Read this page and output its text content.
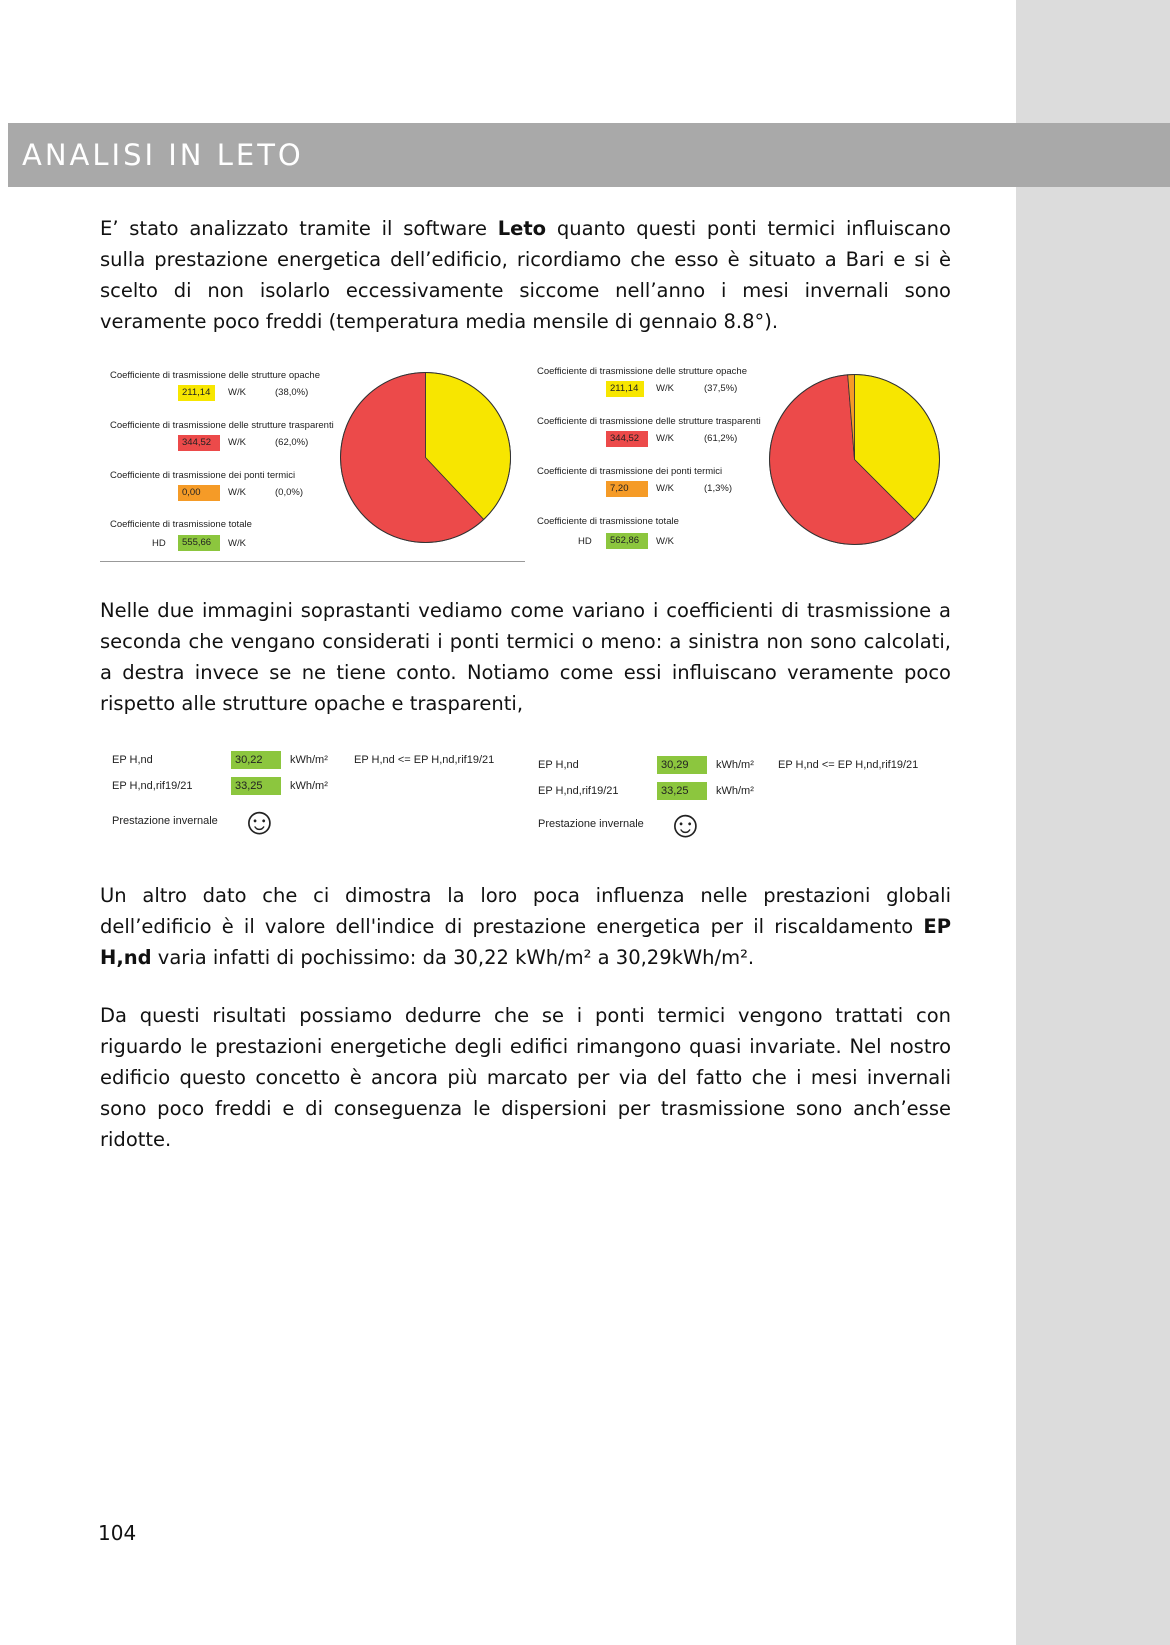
ANALISI IN LETO

E’ stato analizzato tramite il software Leto quanto questi ponti termici influiscano sulla prestazione energetica dell’edificio, ricordiamo che esso è situato a Bari e si è scelto di non isolarlo eccessivamente siccome nell’anno i mesi invernali sono veramente poco freddi (temperatura media mensile di gennaio 8.8°).

Coefficiente di trasmissione delle strutture opache
211,14	W/K	(38,0%)
Coefficiente di trasmissione delle strutture trasparenti
344,52	W/K	(62,0%)
Coefficiente di trasmissione dei ponti termici
0,00	W/K	(0,0%)
Coefficiente di trasmissione totale
HD	555,66	W/K
Coefficiente di trasmissione delle strutture opache
211,14	W/K	(37,5%)
Coefficiente di trasmissione delle strutture trasparenti
344,52	W/K	(61,2%)
Coefficiente di trasmissione dei ponti termici
7,20	W/K	(1,3%)
Coefficiente di trasmissione totale
HD	562,86	W/K

Nelle due immagini soprastanti vediamo come variano i coefficienti di trasmissione a seconda che vengano considerati i ponti termici o meno: a sinistra non sono calcolati, a destra invece se ne tiene conto. Notiamo come essi influiscano veramente poco rispetto alle strutture opache e trasparenti,

EP H,nd	30,22	kWh/m² EP H,nd <= EP H,nd,rif19/21
EP H,nd,rif19/21	33,25	kWh/m²
Prestazione invernale ☺
EP H,nd	30,29	kWh/m² EP H,nd <= EP H,nd,rif19/21
EP H,nd,rif19/21	33,25	kWh/m²
Prestazione invernale ☺

Un altro dato che ci dimostra la loro poca influenza nelle prestazioni globali dell’edificio è il valore dell'indice di prestazione energetica per il riscaldamento EP H,nd varia infatti di pochissimo: da 30,22 kWh/m² a 30,29kWh/m².

Da questi risultati possiamo dedurre che se i ponti termici vengono trattati con riguardo le prestazioni energetiche degli edifici rimangono quasi invariate. Nel nostro edificio questo concetto è ancora più marcato per via del fatto che i mesi invernali sono poco freddi e di conseguenza le dispersioni per trasmissione sono anch’esse ridotte.

104
